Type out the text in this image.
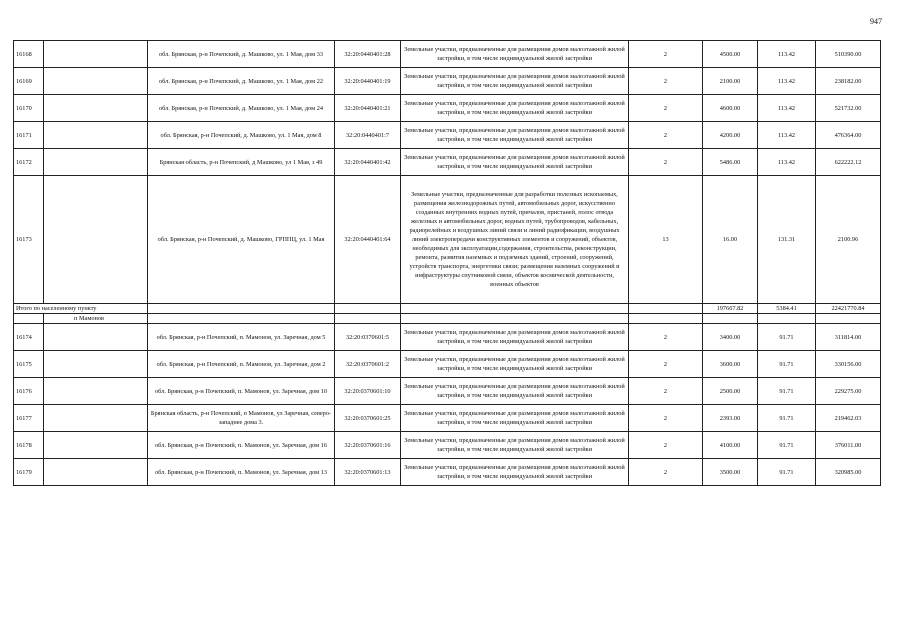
947
16168		обл. Брянская, р-н Почепский, д. Машково, ул. 1 Мая, дом 33	32:20:0440401:28	Земельные участки, предназначенные для размещения домов малоэтажной жилой застройки, в том числе индивидуальной жилой застройки	2	4500.00	113.42	510390.00
16169		обл. Брянская, р-н Почепский, д. Машково, ул. 1 Мая, дом 22	32:20:0440401:19	Земельные участки, предназначенные для размещения домов малоэтажной жилой застройки, в том числе индивидуальной жилой застройки	2	2100.00	113.42	238182.00
16170		обл. Брянская, р-н Почепский, д. Машково, ул. 1 Мая, дом 24	32:20:0440401:21	Земельные участки, предназначенные для размещения домов малоэтажной жилой застройки, в том числе индивидуальной жилой застройки	2	4600.00	113.42	521732.00
16171		обл. Брянская, р-н Почепский, д. Машково, ул. 1 Мая, дом 8	32:20:0440401:7	Земельные участки, предназначенные для размещения домов малоэтажной жилой застройки, в том числе индивидуальной жилой застройки	2	4200.00	113.42	476364.00
16172		Брянская область, р-н Почепский, д Машково, ул 1 Мая, з 49	32:20:0440401:42	Земельные участки, предназначенные для размещения домов малоэтажной жилой застройки, в том числе индивидуальной жилой застройки	2	5486.00	113.42	622222.12
16173		обл. Брянская, р-н Почепский, д. Машково, ГРППЦ, ул. 1 Мая	32:20:0440401:64	Земельные участки, предназначенные для разработки полезных ископаемых, размещения железнодорожных путей, автомобильных дорог, искусственно созданных внутренних водных путей, причалов, пристаней, полос отвода железных и автомобильных дорог, водных путей, трубопроводов, кабельных, радиорелейных и воздушных линий связи и линий радиофикации, воздушных линий электропередачи конструктивных элементов и сооружений, объектов, необходимых для эксплуатации,содержания, строительства, реконструкции, ремонта, развития наземных и подземных зданий, строений, сооружений, устройств транспорта, энергетики связи; размещения наземных сооружений и инфраструктуры спутниковой связи, объектов космической деятельности, военных объектов	13	16.00	131.31	2100.96
Итого по населенному пункту						197667.82	5384.41	22421770.84
	п Мамонов							
16174		обл. Брянская, р-н Почепский, п. Мамонов, ул. Заречная, дом 5	32:20:0370601:5	Земельные участки, предназначенные для размещения домов малоэтажной жилой застройки, в том числе индивидуальной жилой застройки	2	3400.00	91.71	311814.00
16175		обл. Брянская, р-н Почепский, п. Мамонов, ул. Заречная, дом 2	32:20:0370601:2	Земельные участки, предназначенные для размещения домов малоэтажной жилой застройки, в том числе индивидуальной жилой застройки	2	3600.00	91.71	330156.00
16176		обл. Брянская, р-н Почепский, п. Мамонов, ул. Заречная, дом 10	32:20:0370601:10	Земельные участки, предназначенные для размещения домов малоэтажной жилой застройки, в том числе индивидуальной жилой застройки	2	2500.00	91.71	229275.00
16177		Брянская область, р-н Почепский, п Мамонов, ул Заречная, северо-западнее дома 3.	32:20:0370601:25	Земельные участки, предназначенные для размещения домов малоэтажной жилой застройки, в том числе индивидуальной жилой застройки	2	2393.00	91.71	219462.03
16178		обл. Брянская, р-н Почепский, п. Мамонов, ул. Заречная, дом 16	32:20:0370601:16	Земельные участки, предназначенные для размещения домов малоэтажной жилой застройки, в том числе индивидуальной жилой застройки	2	4100.00	91.71	376011.00
16179		обл. Брянская, р-н Почепский, п. Мамонов, ул. Заречная, дом 13	32:20:0370601:13	Земельные участки, предназначенные для размещения домов малоэтажной жилой застройки, в том числе индивидуальной жилой застройки	2	3500.00	91.71	320985.00
